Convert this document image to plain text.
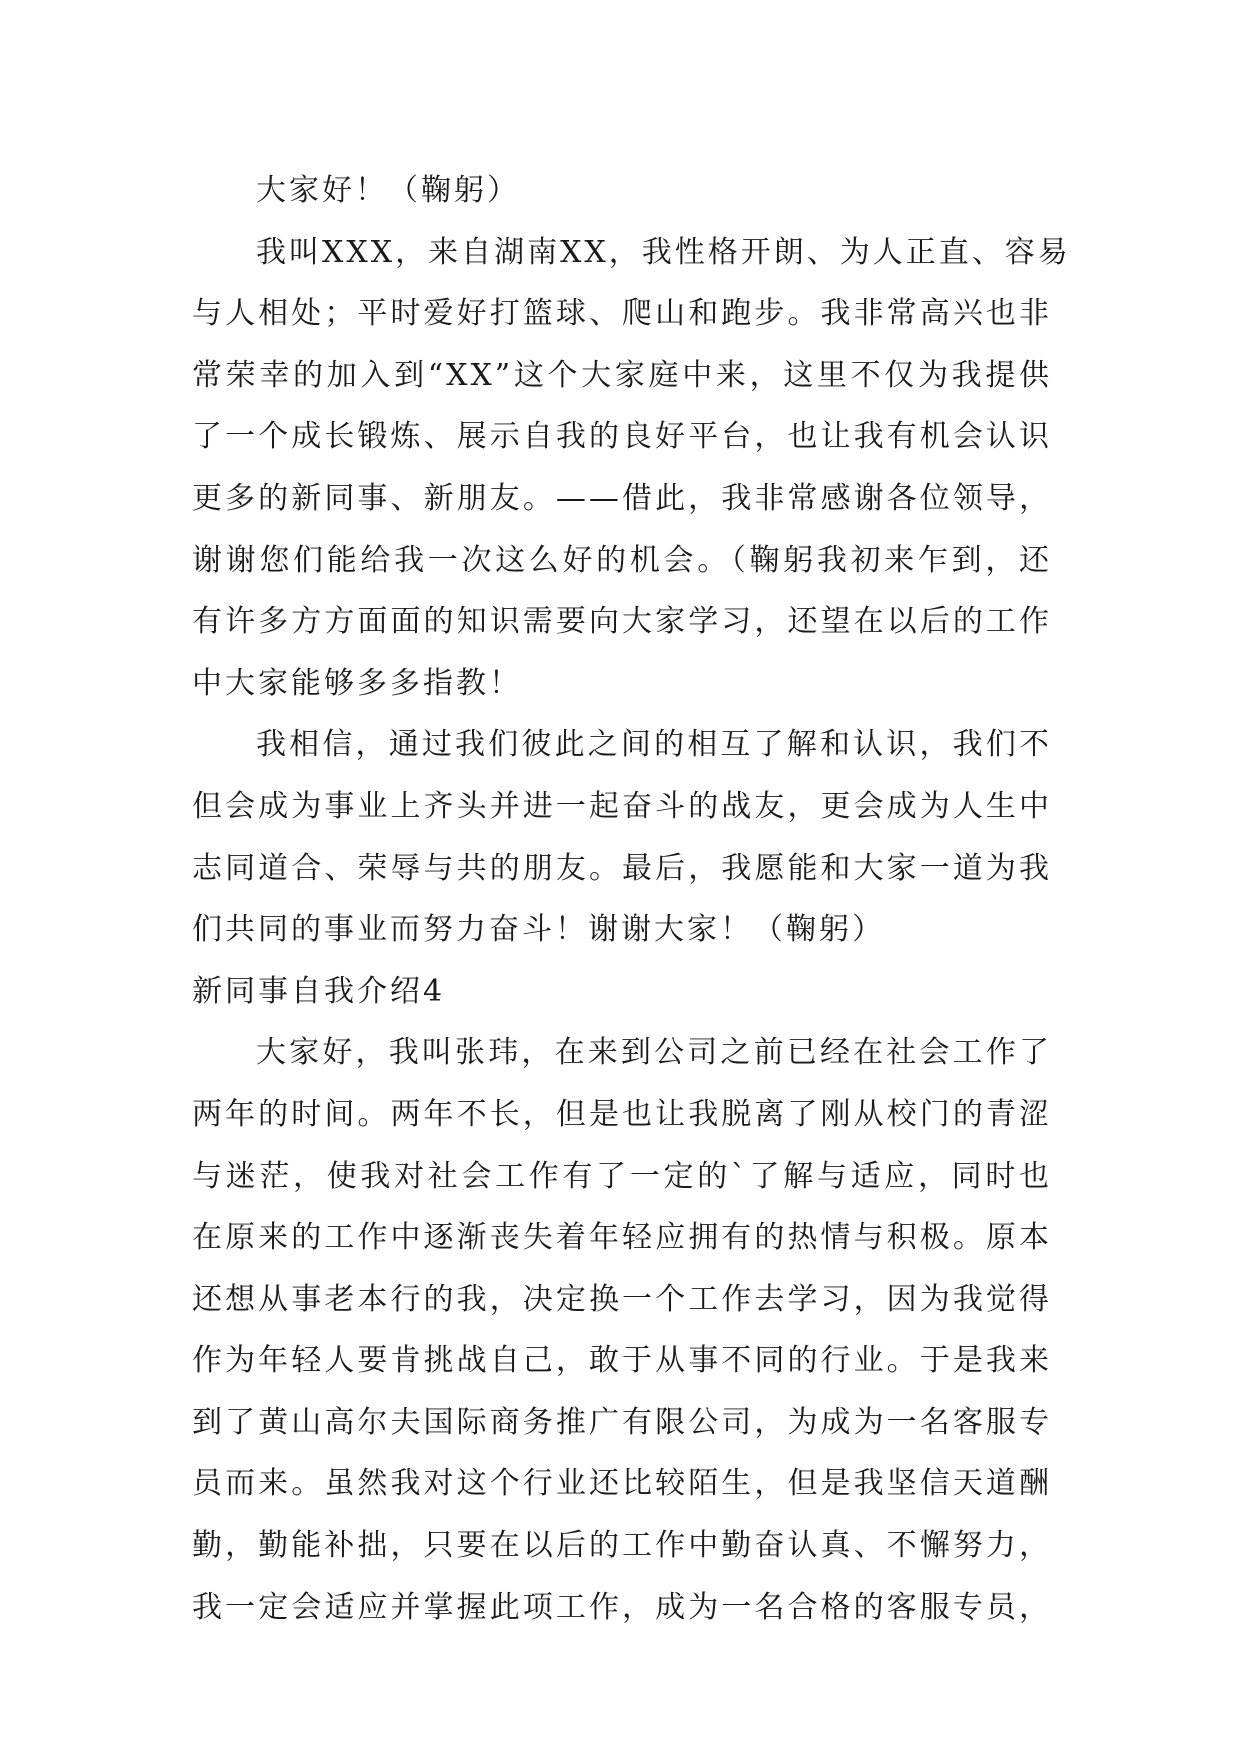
大家好！（鞠躬）
我叫XXX，来自湖南XX，我性格开朗、为人正直、容易
与人相处；平时爱好打篮球、爬山和跑步。我非常高兴也非
常荣幸的加入到“XX”这个大家庭中来，这里不仅为我提供
了一个成长锻炼、展示自我的良好平台，也让我有机会认识
更多的新同事、新朋友。——借此，我非常感谢各位领导，
谢谢您们能给我一次这么好的机会。（鞠躬我初来乍到，还
有许多方方面面的知识需要向大家学习，还望在以后的工作
中大家能够多多指教！
我相信，通过我们彼此之间的相互了解和认识，我们不
但会成为事业上齐头并进一起奋斗的战友，更会成为人生中
志同道合、荣辱与共的朋友。最后，我愿能和大家一道为我
们共同的事业而努力奋斗！谢谢大家！（鞠躬）
新同事自我介绍4
大家好，我叫张玮，在来到公司之前已经在社会工作了
两年的时间。两年不长，但是也让我脱离了刚从校门的青涩
与迷茫，使我对社会工作有了一定的`了解与适应，同时也
在原来的工作中逐渐丧失着年轻应拥有的热情与积极。原本
还想从事老本行的我，决定换一个工作去学习，因为我觉得
作为年轻人要肯挑战自己，敢于从事不同的行业。于是我来
到了黄山高尔夫国际商务推广有限公司，为成为一名客服专
员而来。虽然我对这个行业还比较陌生，但是我坚信天道酬
勤，勤能补拙，只要在以后的工作中勤奋认真、不懈努力，
我一定会适应并掌握此项工作，成为一名合格的客服专员，
